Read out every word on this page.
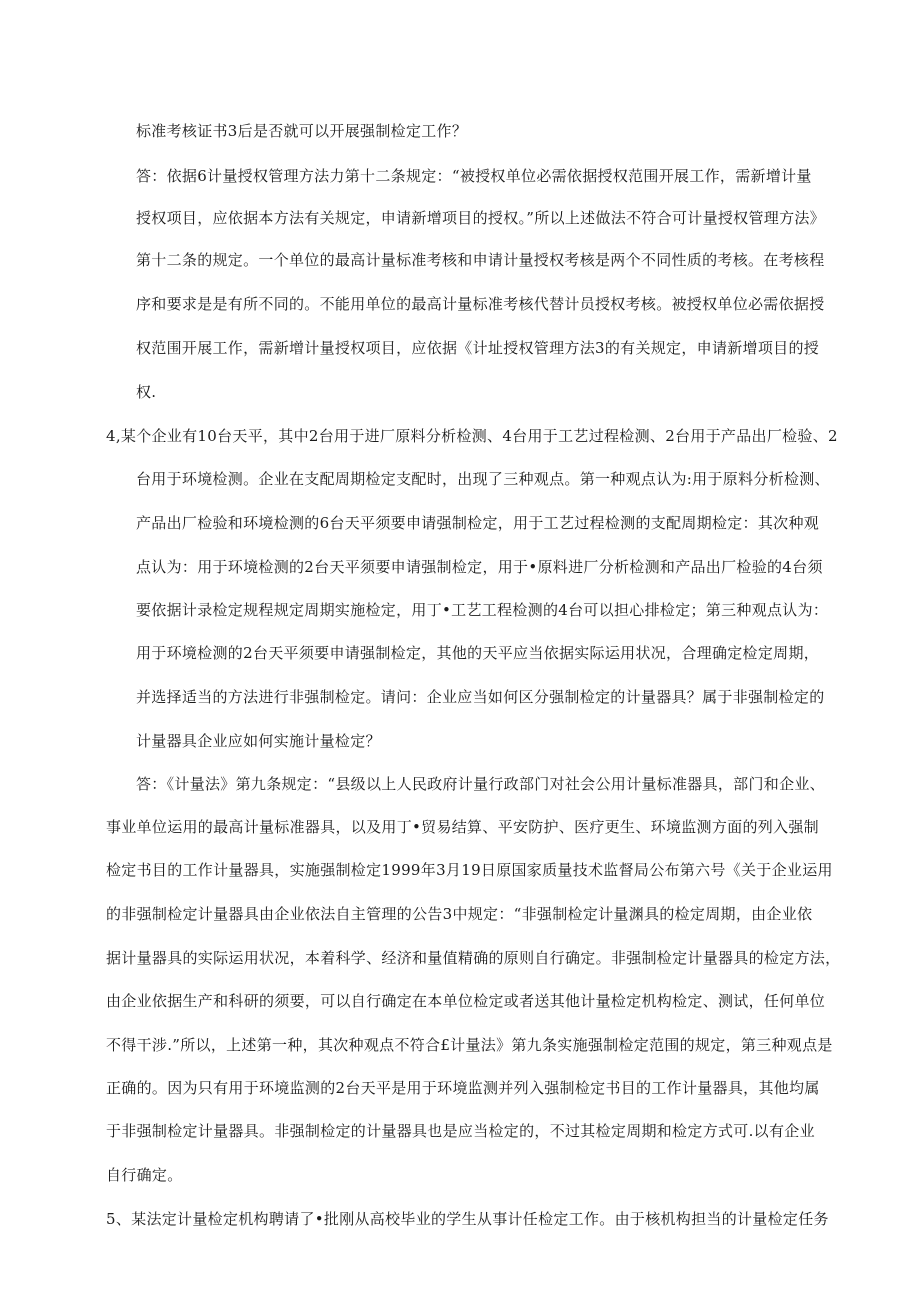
标准考核证书3后是否就可以开展强制检定工作？
答：依据6计量授权管理方法力第十二条规定：“被授权单位必需依据授权范围开展工作，需新增计量
授权项目，应依据本方法有关规定，申请新增项目的授权。”所以上述做法不符合可计量授权管理方法》
第十二条的规定。一个单位的最高计量标准考核和申请计量授权考核是两个不同性质的考核。在考核程
序和要求是是有所不同的。不能用单位的最高计量标准考核代替计员授权考核。被授权单位必需依据授
权范围开展工作，需新增计量授权项目，应依据《计址授权管理方法3的有关规定，申请新增项目的授
权.
4,某个企业有10台天平，其中2台用于进厂原料分析检测、4台用于工艺过程检测、2台用于产品出厂检验、2
台用于环境检测。企业在支配周期检定支配时，出现了三种观点。第一种观点认为:用于原料分析检测、
产品出厂检验和环境检测的6台天平须要申请强制检定，用于工艺过程检测的支配周期检定：其次种观
点认为：用于环境检测的2台天平须要申请强制检定，用于•原料进厂分析检测和产品出厂检验的4台须
要依据计录检定规程规定周期实施检定，用丁•工艺工程检测的4台可以担心排检定；第三种观点认为：
用于环境检测的2台天平须要申请强制检定，其他的天平应当依据实际运用状况，合理确定检定周期，
并选择适当的方法进行非强制检定。请问：企业应当如何区分强制检定的计量器具？属于非强制检定的
计量器具企业应如何实施计量检定？
答：《计量法》第九条规定：“县级以上人民政府计量行政部门对社会公用计量标准器具，部门和企业、
事业单位运用的最高计量标准器具，以及用丁•贸易结算、平安防护、医疗更生、环境监测方面的列入强制
检定书目的工作计量器具，实施强制检定1999年3月19日原国家质量技术监督局公布第六号《关于企业运用
的非强制检定计量器具由企业依法自主管理的公告3中规定：“非强制检定计量渊具的检定周期，由企业依
据计量器具的实际运用状况，本着科学、经济和量值精确的原则自行确定。非强制检定计量器具的检定方法，
由企业依据生产和科研的须要，可以自行确定在本单位检定或者送其他计量检定机构检定、测试，任何单位
不得干涉.”所以，上述第一种，其次种观点不符合£计量法》第九条实施强制检定范围的规定，第三种观点是
正确的。因为只有用于环境监测的2台天平是用于环境监测并列入强制检定书目的工作计量器具，其他均属
于非强制检定计量器具。非强制检定的计量器具也是应当检定的，不过其检定周期和检定方式可.以有企业
自行确定。
5、某法定计量检定机构聘请了•批刚从高校毕业的学生从事计任检定工作。由于核机构担当的计量检定任务
